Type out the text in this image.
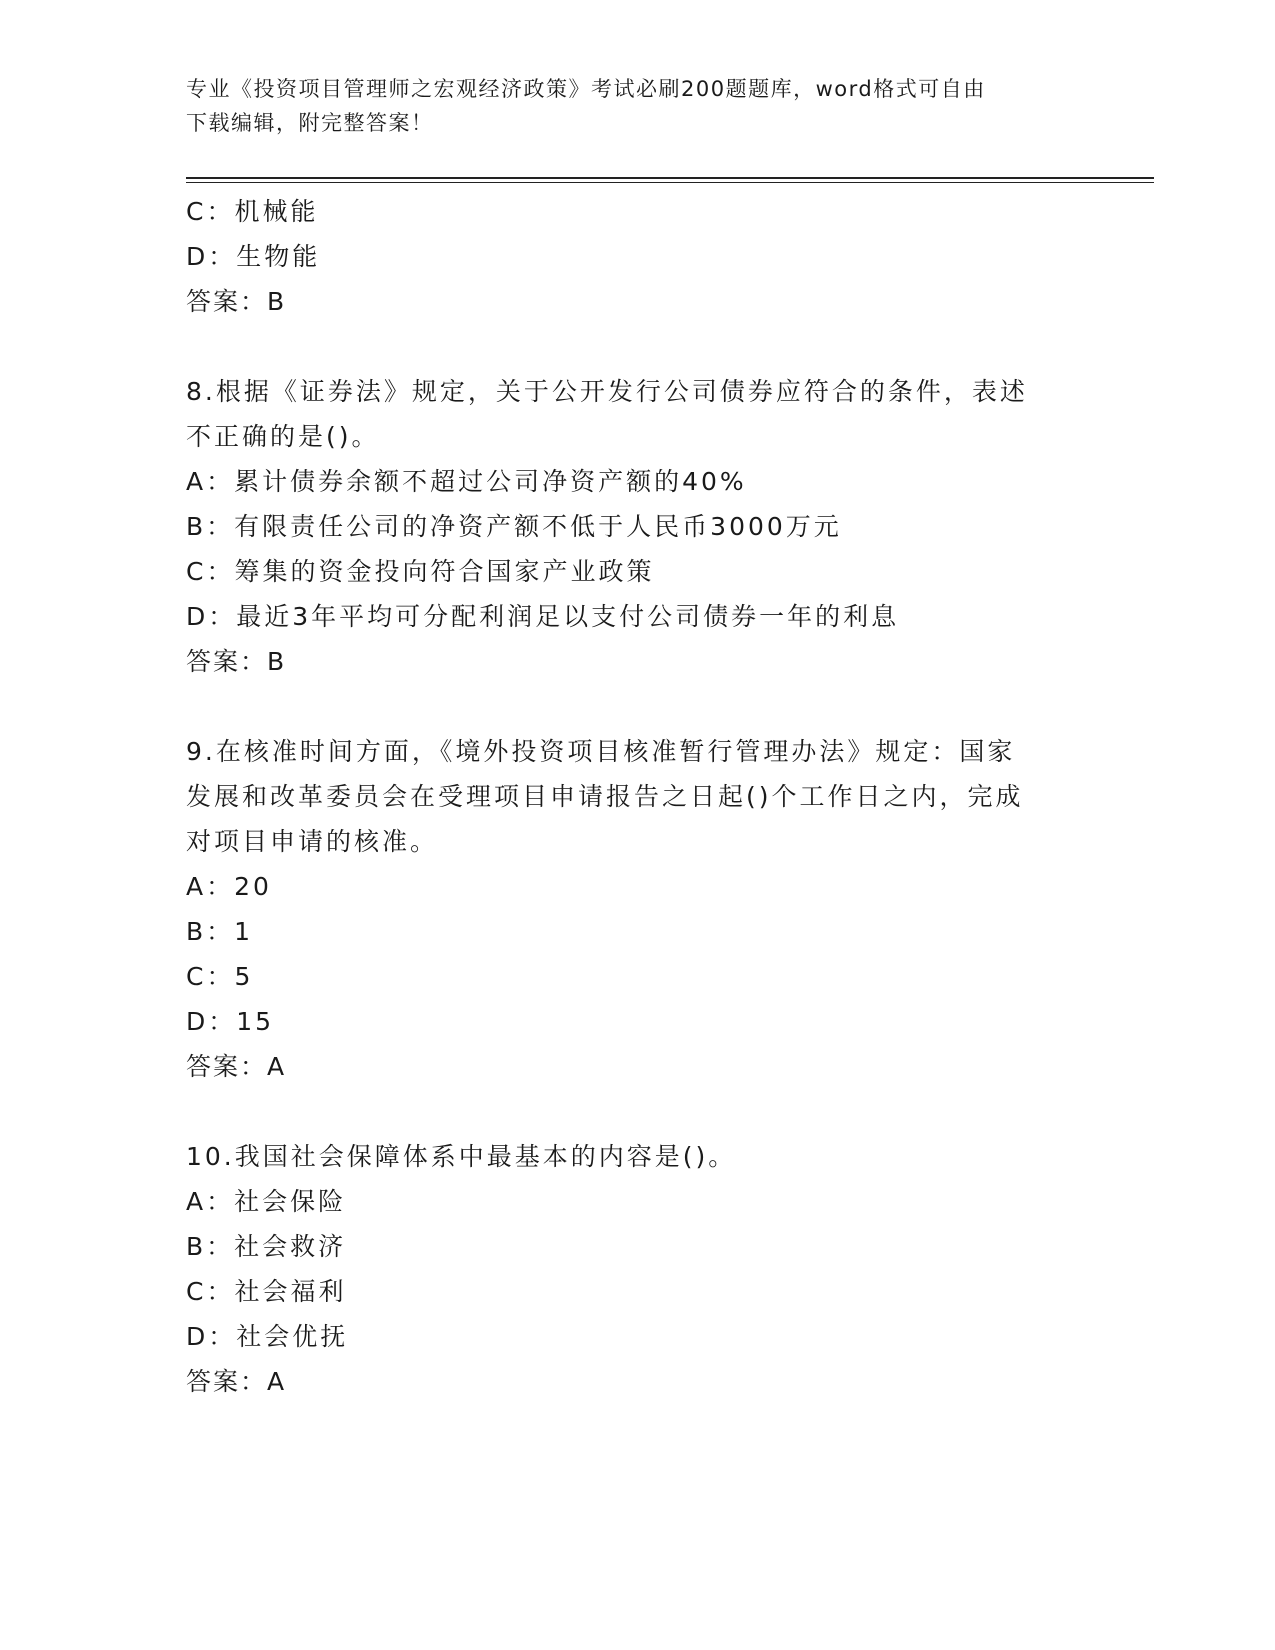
专业《投资项目管理师之宏观经济政策》考试必刷200题题库，word格式可自由
下载编辑，附完整答案！
C：机械能
D：生物能
答案：B
8.根据《证券法》规定，关于公开发行公司债券应符合的条件，表述
不正确的是()。
A：累计债券余额不超过公司净资产额的40%
B：有限责任公司的净资产额不低于人民币3000万元
C：筹集的资金投向符合国家产业政策
D：最近3年平均可分配利润足以支付公司债券一年的利息
答案：B
9.在核准时间方面，《境外投资项目核准暂行管理办法》规定：国家
发展和改革委员会在受理项目申请报告之日起()个工作日之内，完成
对项目申请的核准。
A：20
B：1
C：5
D：15
答案：A
10.我国社会保障体系中最基本的内容是()。
A：社会保险
B：社会救济
C：社会福利
D：社会优抚
答案：A
